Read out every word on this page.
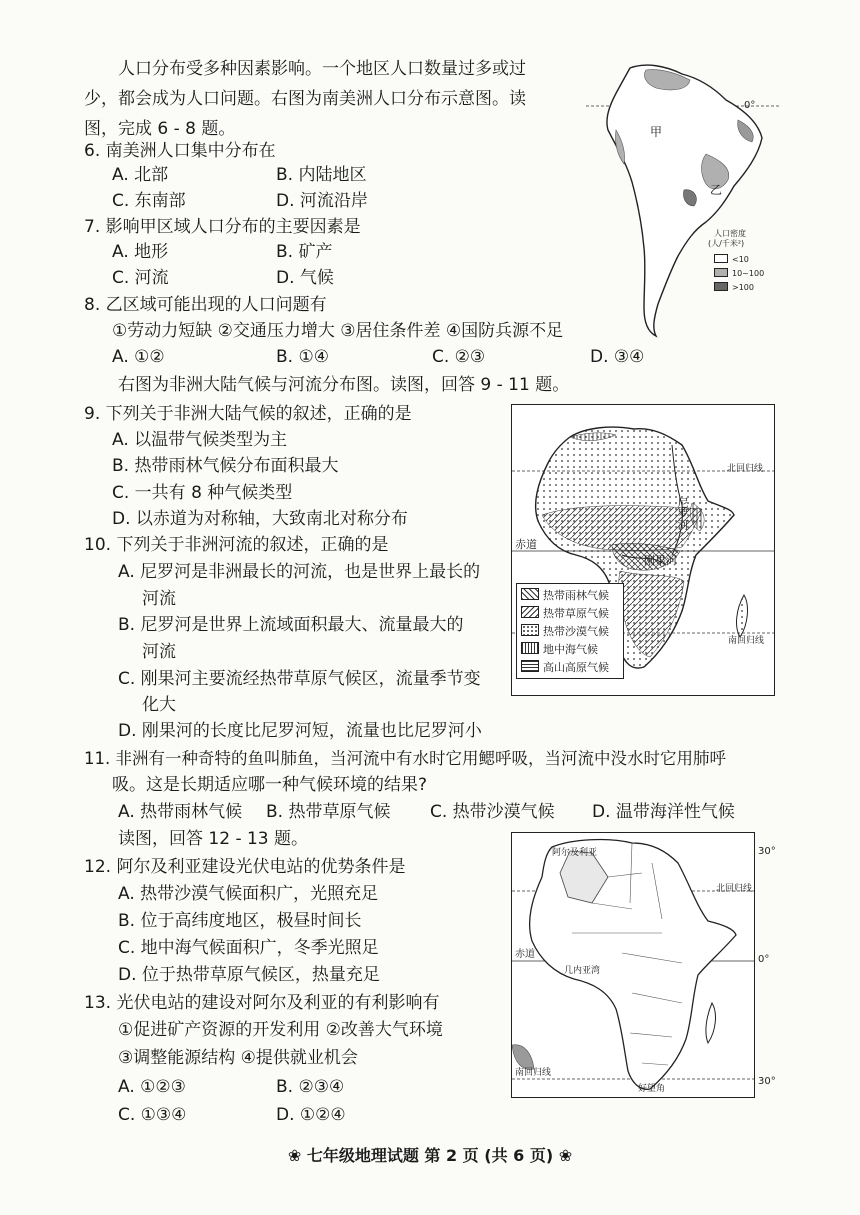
人口分布受多种因素影响。一个地区人口数量过多或过
少，都会成为人口问题。右图为南美洲人口分布示意图。读
图，完成 6 - 8 题。
6. 南美洲人口集中分布在
A. 北部	B. 内陆地区
C. 东南部	D. 河流沿岸
7. 影响甲区域人口分布的主要因素是
A. 地形	B. 矿产
C. 河流	D. 气候
8. 乙区域可能出现的人口问题有
①劳动力短缺 ②交通压力增大 ③居住条件差 ④国防兵源不足
A. ①②	B. ①④	C. ②③	D. ③④
右图为非洲大陆气候与河流分布图。读图，回答 9 - 11 题。
9. 下列关于非洲大陆气候的叙述，正确的是
A. 以温带气候类型为主
B. 热带雨林气候分布面积最大
C. 一共有 8 种气候类型
D. 以赤道为对称轴，大致南北对称分布
10. 下列关于非洲河流的叙述，正确的是
A. 尼罗河是非洲最长的河流，也是世界上最长的
河流
B. 尼罗河是世界上流域面积最大、流量最大的
河流
C. 刚果河主要流经热带草原气候区，流量季节变
化大
D. 刚果河的长度比尼罗河短，流量也比尼罗河小
11. 非洲有一种奇特的鱼叫肺鱼，当河流中有水时它用鳃呼吸，当河流中没水时它用肺呼
吸。这是长期适应哪一种气候环境的结果?
A. 热带雨林气候 B. 热带草原气候 C. 热带沙漠气候 D. 温带海洋性气候
读图，回答 12 - 13 题。
12. 阿尔及利亚建设光伏电站的优势条件是
A. 热带沙漠气候面积广，光照充足
B. 位于高纬度地区，极昼时间长
C. 地中海气候面积广，冬季光照足
D. 位于热带草原气候区，热量充足
13. 光伏电站的建设对阿尔及利亚的有利影响有
①促进矿产资源的开发利用 ②改善大气环境
③调整能源结构 ④提供就业机会
A. ①②③	B. ②③④
C. ①③④	D. ①②④
0°
甲
乙
人口密度
(人/千米²)
<10
10~100
>100
赤道
尼罗河
刚果河
北回归线
南回归线
热带雨林气候
热带草原气候
热带沙漠气候
地中海气候
高山高原气候
阿尔及利亚
北回归线
赤道
几内亚湾
南回归线
好望角
30°
0°
30°
❀ 七年级地理试题 第 2 页 (共 6 页) ❀
